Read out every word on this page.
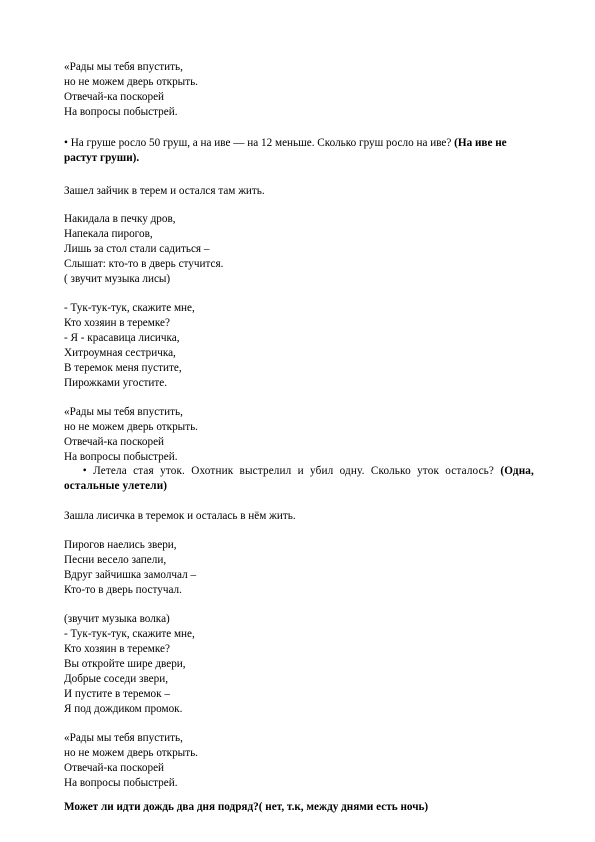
«Рады мы тебя впустить,
но не можем дверь открыть.
Отвечай-ка поскорей
На вопросы побыстрей.
• На груше росло 50 груш, а на иве — на 12 меньше. Сколько груш росло на иве? (На иве не растут груши).
Зашел зайчик в терем и остался там жить.
Накидала в печку дров,
Напекала пирогов,
Лишь за стол стали садиться –
Слышат: кто-то в дверь стучится.
( звучит музыка лисы)
- Тук-тук-тук, скажите мне,
Кто хозяин в теремке?
- Я - красавица лисичка,
Хитроумная сестричка,
В теремок меня пустите,
Пирожками угостите.
«Рады мы тебя впустить,
но не можем дверь открыть.
Отвечай-ка поскорей
На вопросы побыстрей.
• Летела стая уток. Охотник выстрелил и убил одну. Сколько уток осталось? (Одна, остальные улетели)
Зашла лисичка в теремок и осталась в нём жить.
Пирогов наелись звери,
Песни весело запели,
Вдруг зайчишка замолчал –
Кто-то в дверь постучал.
(звучит музыка волка)
- Тук-тук-тук, скажите мне,
Кто хозяин в теремке?
Вы откройте шире двери,
Добрые соседи звери,
И пустите в теремок –
Я под дождиком промок.
«Рады мы тебя впустить,
но не можем дверь открыть.
Отвечай-ка поскорей
На вопросы побыстрей.
Может ли идти дождь два дня подряд?( нет, т.к, между днями есть ночь)
